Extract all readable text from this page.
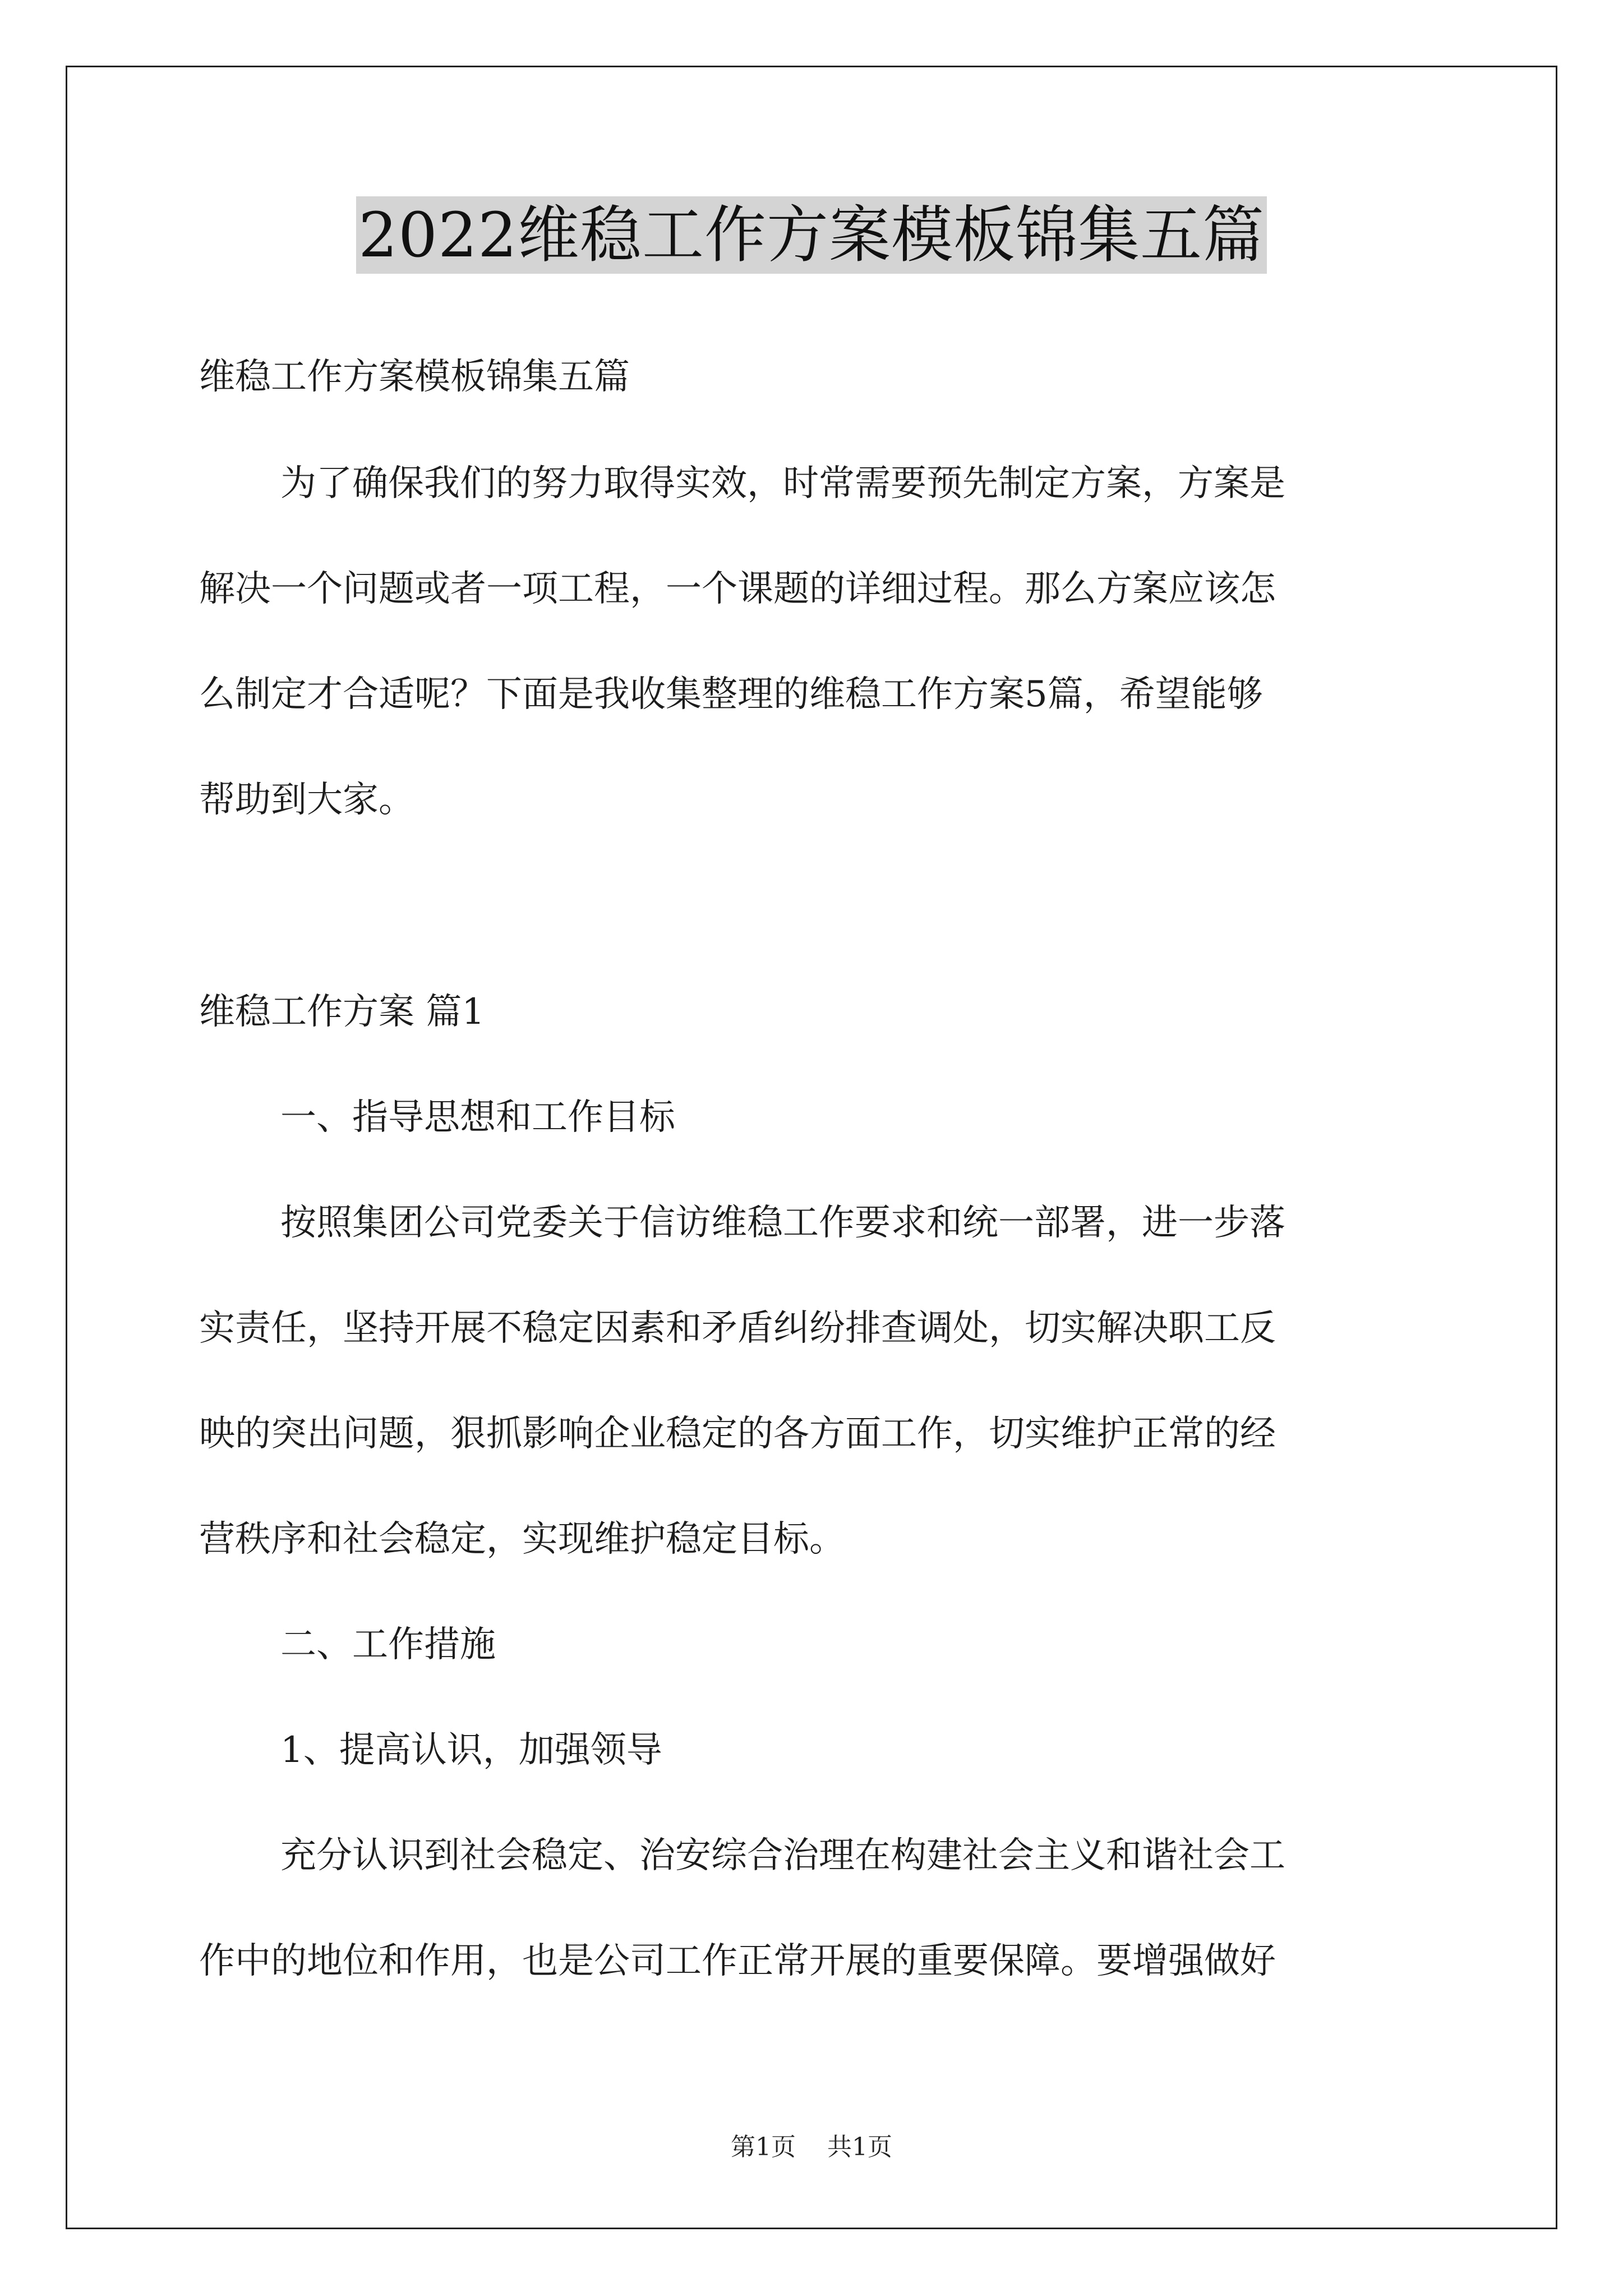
2022维稳工作方案模板锦集五篇
维稳工作方案模板锦集五篇
为了确保我们的努力取得实效，时常需要预先制定方案，方案是
解决一个问题或者一项工程，一个课题的详细过程。那么方案应该怎
么制定才合适呢？下面是我收集整理的维稳工作方案5篇，希望能够
帮助到大家。
维稳工作方案 篇1
一、指导思想和工作目标
按照集团公司党委关于信访维稳工作要求和统一部署，进一步落
实责任，坚持开展不稳定因素和矛盾纠纷排查调处，切实解决职工反
映的突出问题，狠抓影响企业稳定的各方面工作，切实维护正常的经
营秩序和社会稳定，实现维护稳定目标。
二、工作措施
1、提高认识，加强领导
充分认识到社会稳定、治安综合治理在构建社会主义和谐社会工
作中的地位和作用，也是公司工作正常开展的重要保障。要增强做好
第1页 共1页
